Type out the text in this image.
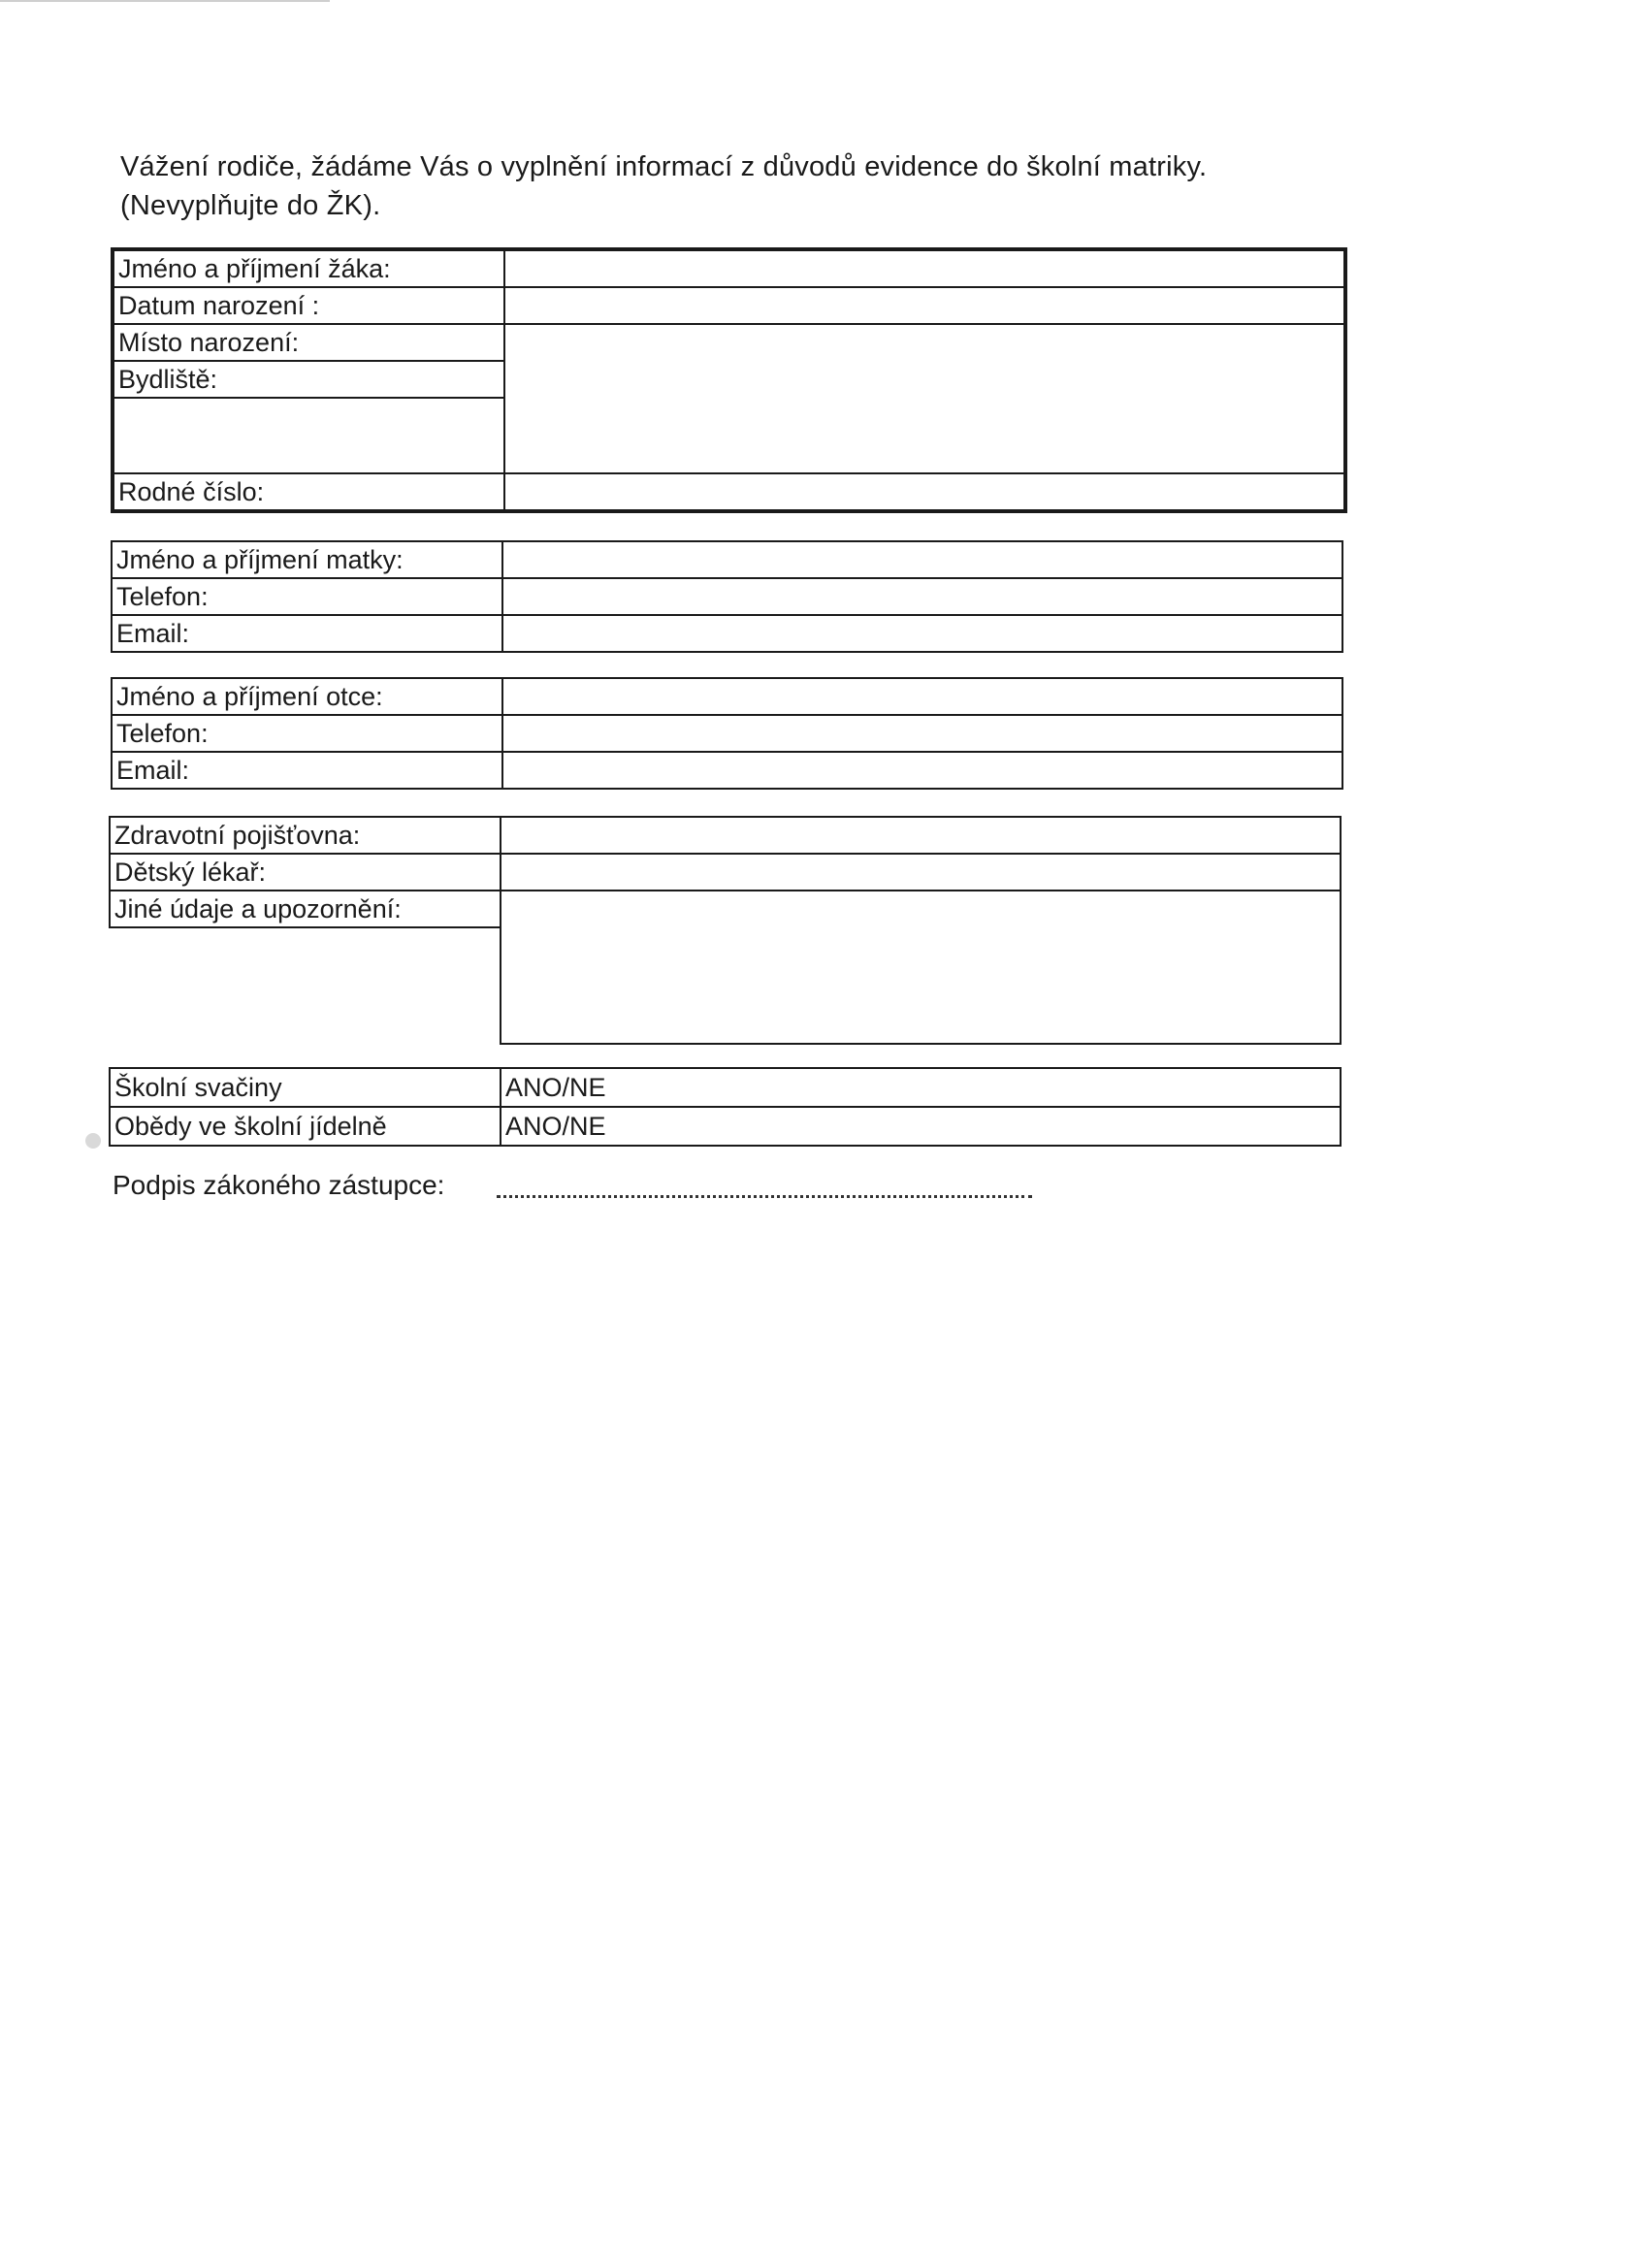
Vážení rodiče, žádáme Vás o vyplnění informací z důvodů evidence do školní matriky.
(Nevyplňujte do ŽK).
Jméno a příjmení žáka:	
Datum narození :	
Místo narození:	
Bydliště:	

Rodné číslo:	
Jméno a příjmení matky:	
Telefon:	
Email:	
Jméno a příjmení otce:	
Telefon:	
Email:	
Zdravotní pojišťovna:	
Dětský lékař:	
Jiné údaje a upozornění:	

Školní svačiny	ANO/NE
Obědy ve školní jídelně	ANO/NE
Podpis zákoného zástupce:
